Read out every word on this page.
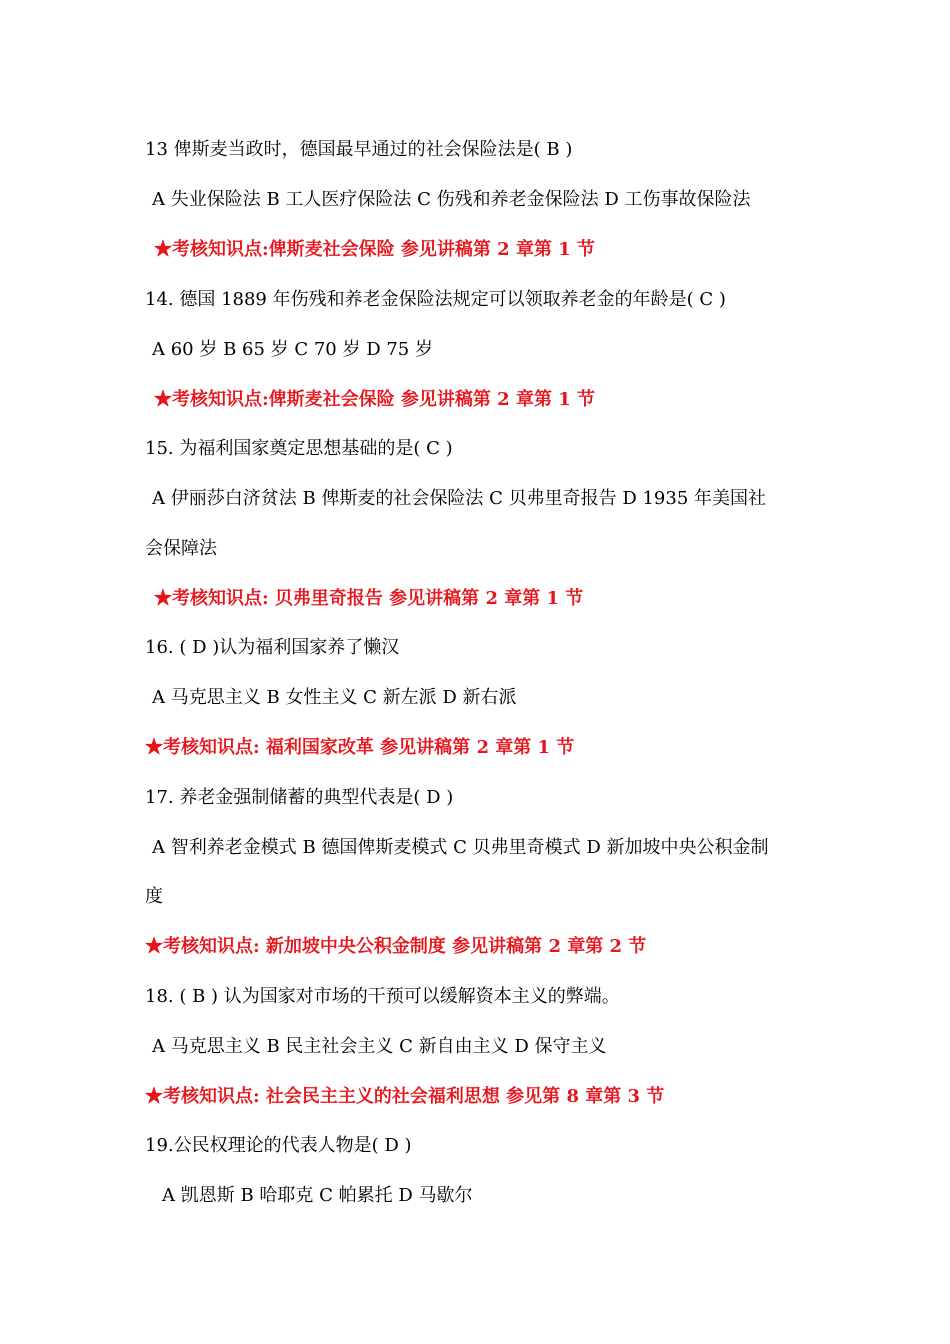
13 俾斯麦当政时，德国最早通过的社会保险法是( B )
A 失业保险法 B 工人医疗保险法 C 伤残和养老金保险法 D 工伤事故保险法
★考核知识点:俾斯麦社会保险 参见讲稿第 2 章第 1 节
14. 德国 1889 年伤残和养老金保险法规定可以领取养老金的年龄是( C )
A 60 岁 B 65 岁 C 70 岁 D 75 岁
★考核知识点:俾斯麦社会保险 参见讲稿第 2 章第 1 节
15. 为福利国家奠定思想基础的是( C )
A 伊丽莎白济贫法 B 俾斯麦的社会保险法 C 贝弗里奇报告 D 1935 年美国社
会保障法
★考核知识点: 贝弗里奇报告 参见讲稿第 2 章第 1 节
16. ( D )认为福利国家养了懒汉
A 马克思主义 B 女性主义 C 新左派 D 新右派
★考核知识点: 福利国家改革 参见讲稿第 2 章第 1 节
17. 养老金强制储蓄的典型代表是( D )
A 智利养老金模式 B 德国俾斯麦模式 C 贝弗里奇模式 D 新加坡中央公积金制
度
★考核知识点: 新加坡中央公积金制度 参见讲稿第 2 章第 2 节
18. ( B ) 认为国家对市场的干预可以缓解资本主义的弊端。
A 马克思主义 B 民主社会主义 C 新自由主义 D 保守主义
★考核知识点: 社会民主主义的社会福利思想 参见第 8 章第 3 节
19.公民权理论的代表人物是( D )
A 凯恩斯 B 哈耶克 C 帕累托 D 马歇尔
